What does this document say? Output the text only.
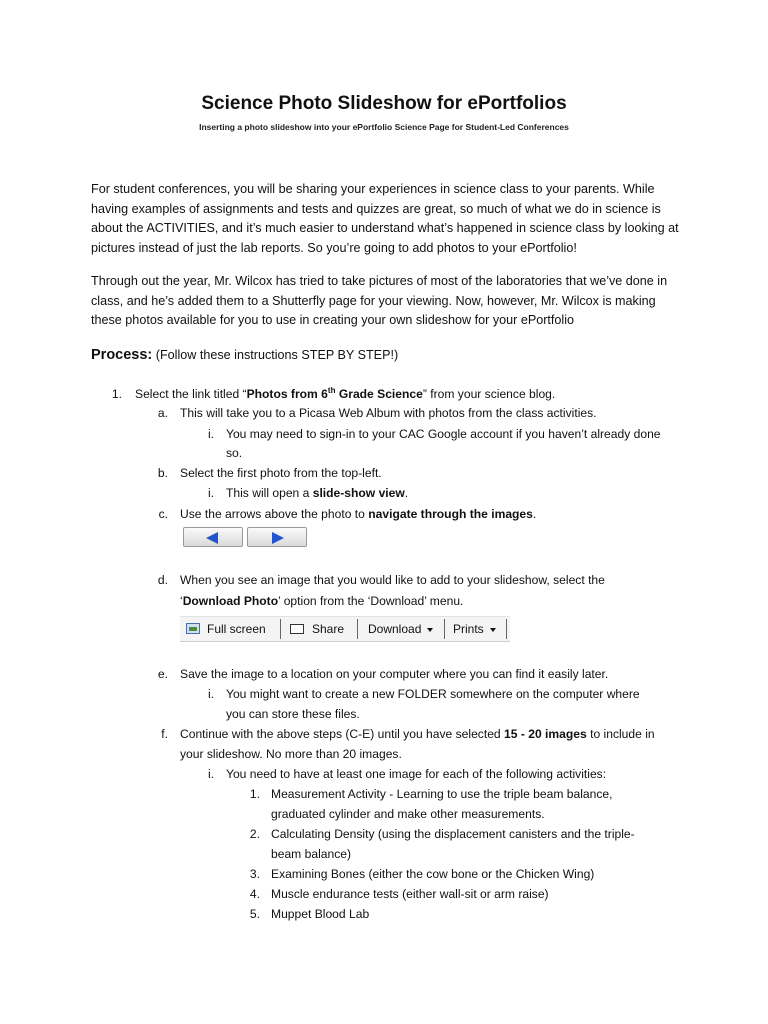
Science Photo Slideshow for ePortfolios
Inserting a photo slideshow into your ePortfolio Science Page for Student-Led Conferences
For student conferences, you will be sharing your experiences in science class to your parents. While having examples of assignments and tests and quizzes are great, so much of what we do in science is about the ACTIVITIES, and it’s much easier to understand what’s happened in science class by looking at pictures instead of just the lab reports. So you’re going to add photos to your ePortfolio!
Through out the year, Mr. Wilcox has tried to take pictures of most of the laboratories that we’ve done in class, and he’s added them to a Shutterfly page for your viewing. Now, however, Mr. Wilcox is making these photos available for you to use in creating your own slideshow for your ePortfolio
Process: (Follow these instructions STEP BY STEP!)
1. Select the link titled “Photos from 6th Grade Science” from your science blog.
a. This will take you to a Picasa Web Album with photos from the class activities.
i. You may need to sign-in to your CAC Google account if you haven’t already done
so.
b. Select the first photo from the top-left.
i. This will open a slide-show view.
c. Use the arrows above the photo to navigate through the images.
d. When you see an image that you would like to add to your slideshow, select the
‘Download Photo’ option from the ‘Download’ menu.
Full screen	Share Download	Prints
e. Save the image to a location on your computer where you can find it easily later.
i. You might want to create a new FOLDER somewhere on the computer where
you can store these files.
f. Continue with the above steps (C-E) until you have selected 15 - 20 images to include in
your slideshow. No more than 20 images.
i. You need to have at least one image for each of the following activities:
1. Measurement Activity - Learning to use the triple beam balance,
graduated cylinder and make other measurements.
2. Calculating Density (using the displacement canisters and the triple-
beam balance)
3. Examining Bones (either the cow bone or the Chicken Wing)
4. Muscle endurance tests (either wall-sit or arm raise)
5. Muppet Blood Lab
